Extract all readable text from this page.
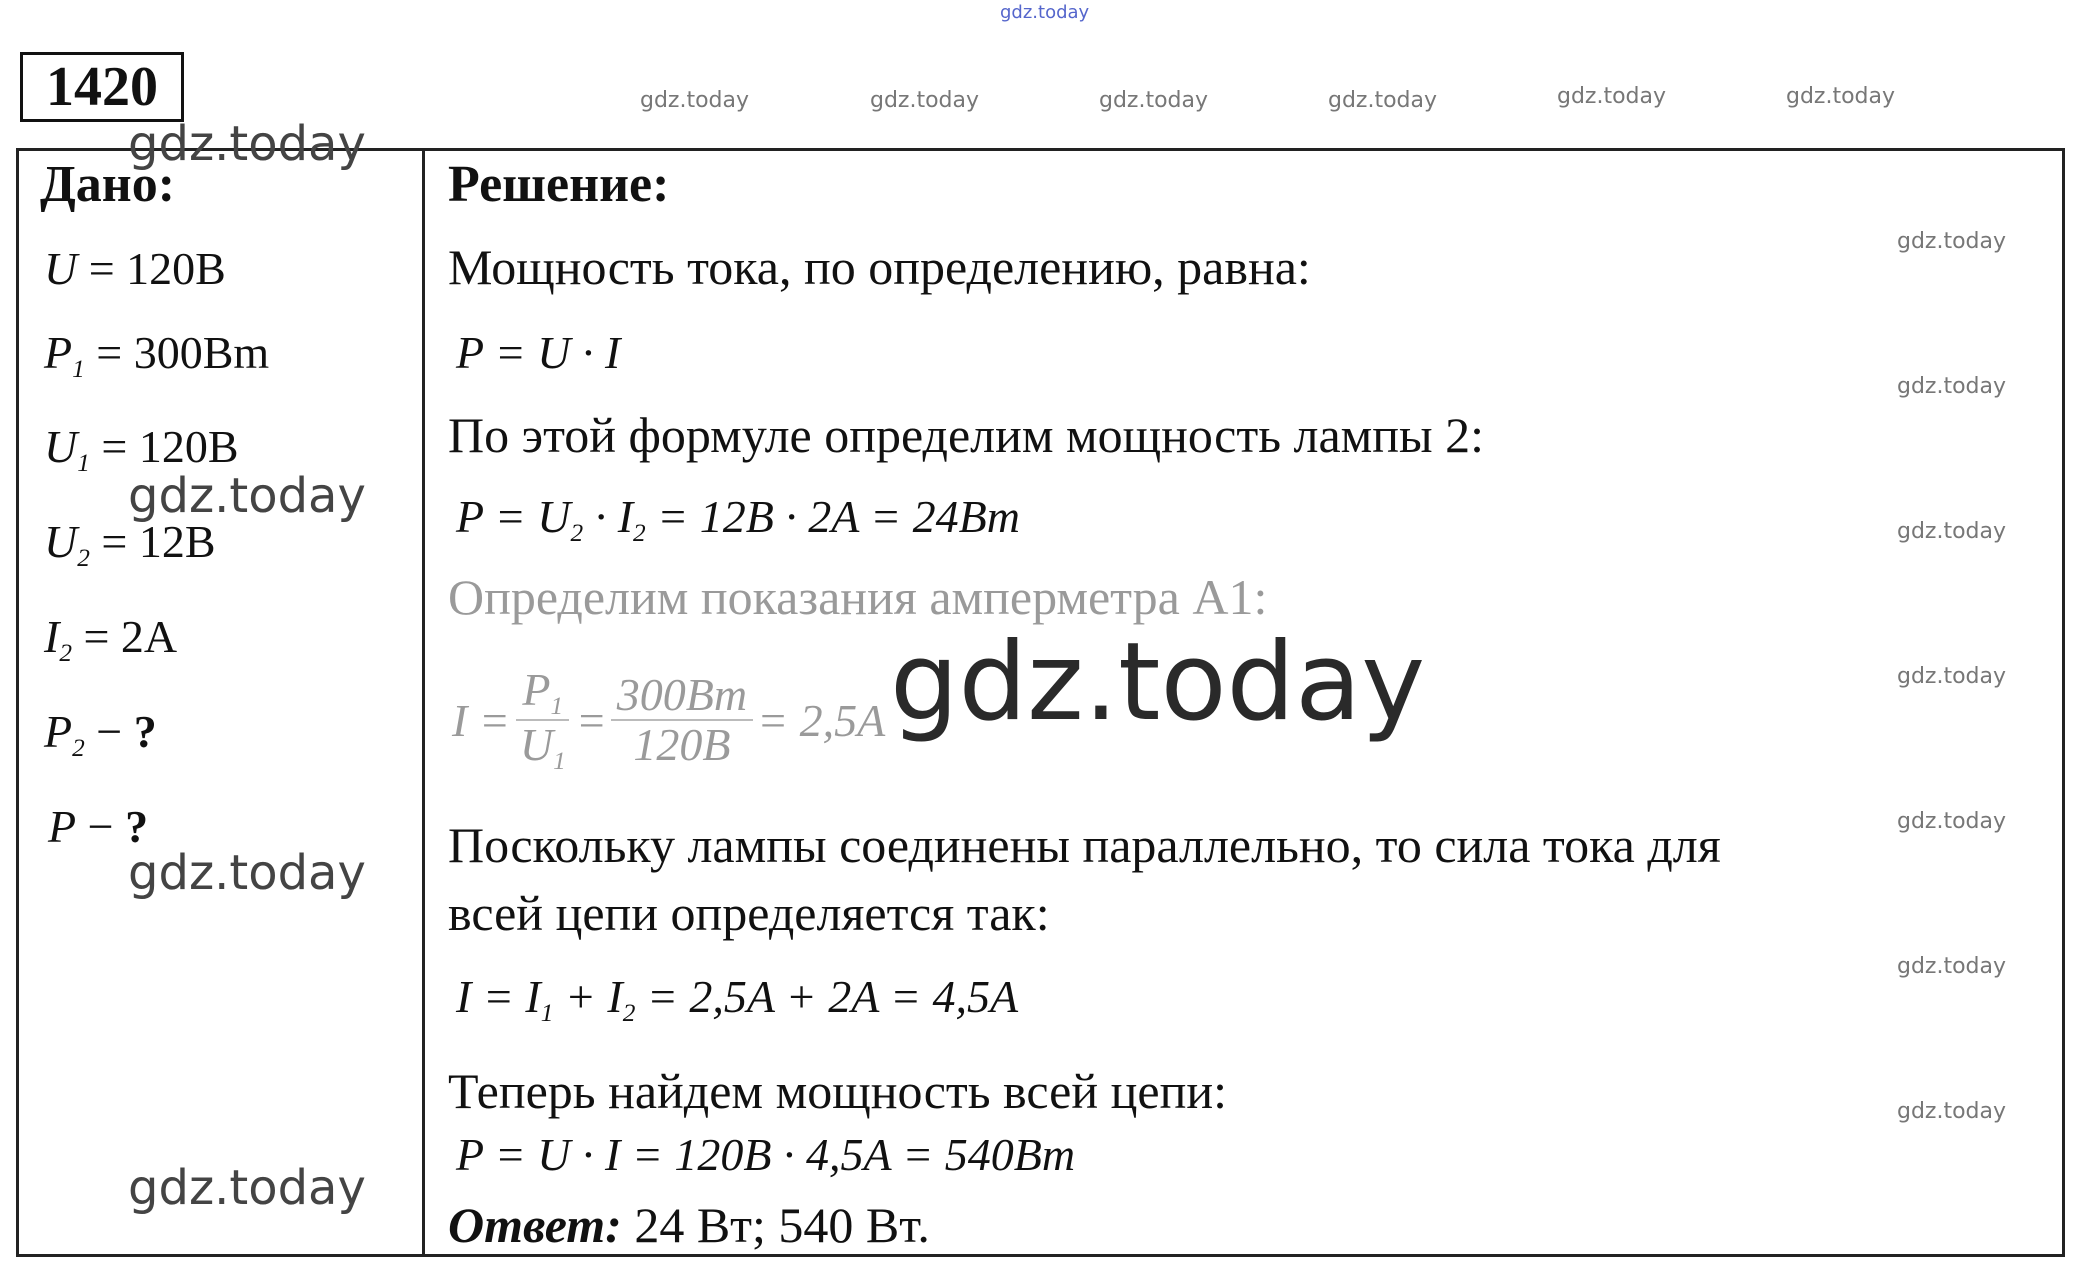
gdz.today
1420	gdz.today	gdz.today	gdz.today	gdz.today	gdz.today	gdz.today
Дано:
U = 120B
$P_1 = 300Bm$
$U_1 = 120B$
$U_2 = 12B$
$I_2 = 2A$
$P_2$ − ?
P − ?
gdz.today
gdz.today
gdz.today
gdz.today
Решение:
Мощность тока, по определению, равна:
P = U · I
По этой формуле определим мощность лампы 2:
$P = U_2 \cdot I_2 = 12B \cdot 2A = 24Bm$
Определим показания амперметра A1:
$I = \frac{P_1}{U_1} = \frac{300Bm}{120B} = 2,5A$
Поскольку лампы соединены параллельно, то сила тока для
всей цепи определяется так:
$I = I_1 + I_2 = 2,5A + 2A = 4,5A$
Теперь найдем мощность всей цепи:
P = U · I = 120B · 4,5A = 540Bm
Ответ: 24 Вт; 540 Вт.
gdz.today
gdz.today
gdz.today
gdz.today
gdz.today
gdz.today
gdz.today
gdz.today
